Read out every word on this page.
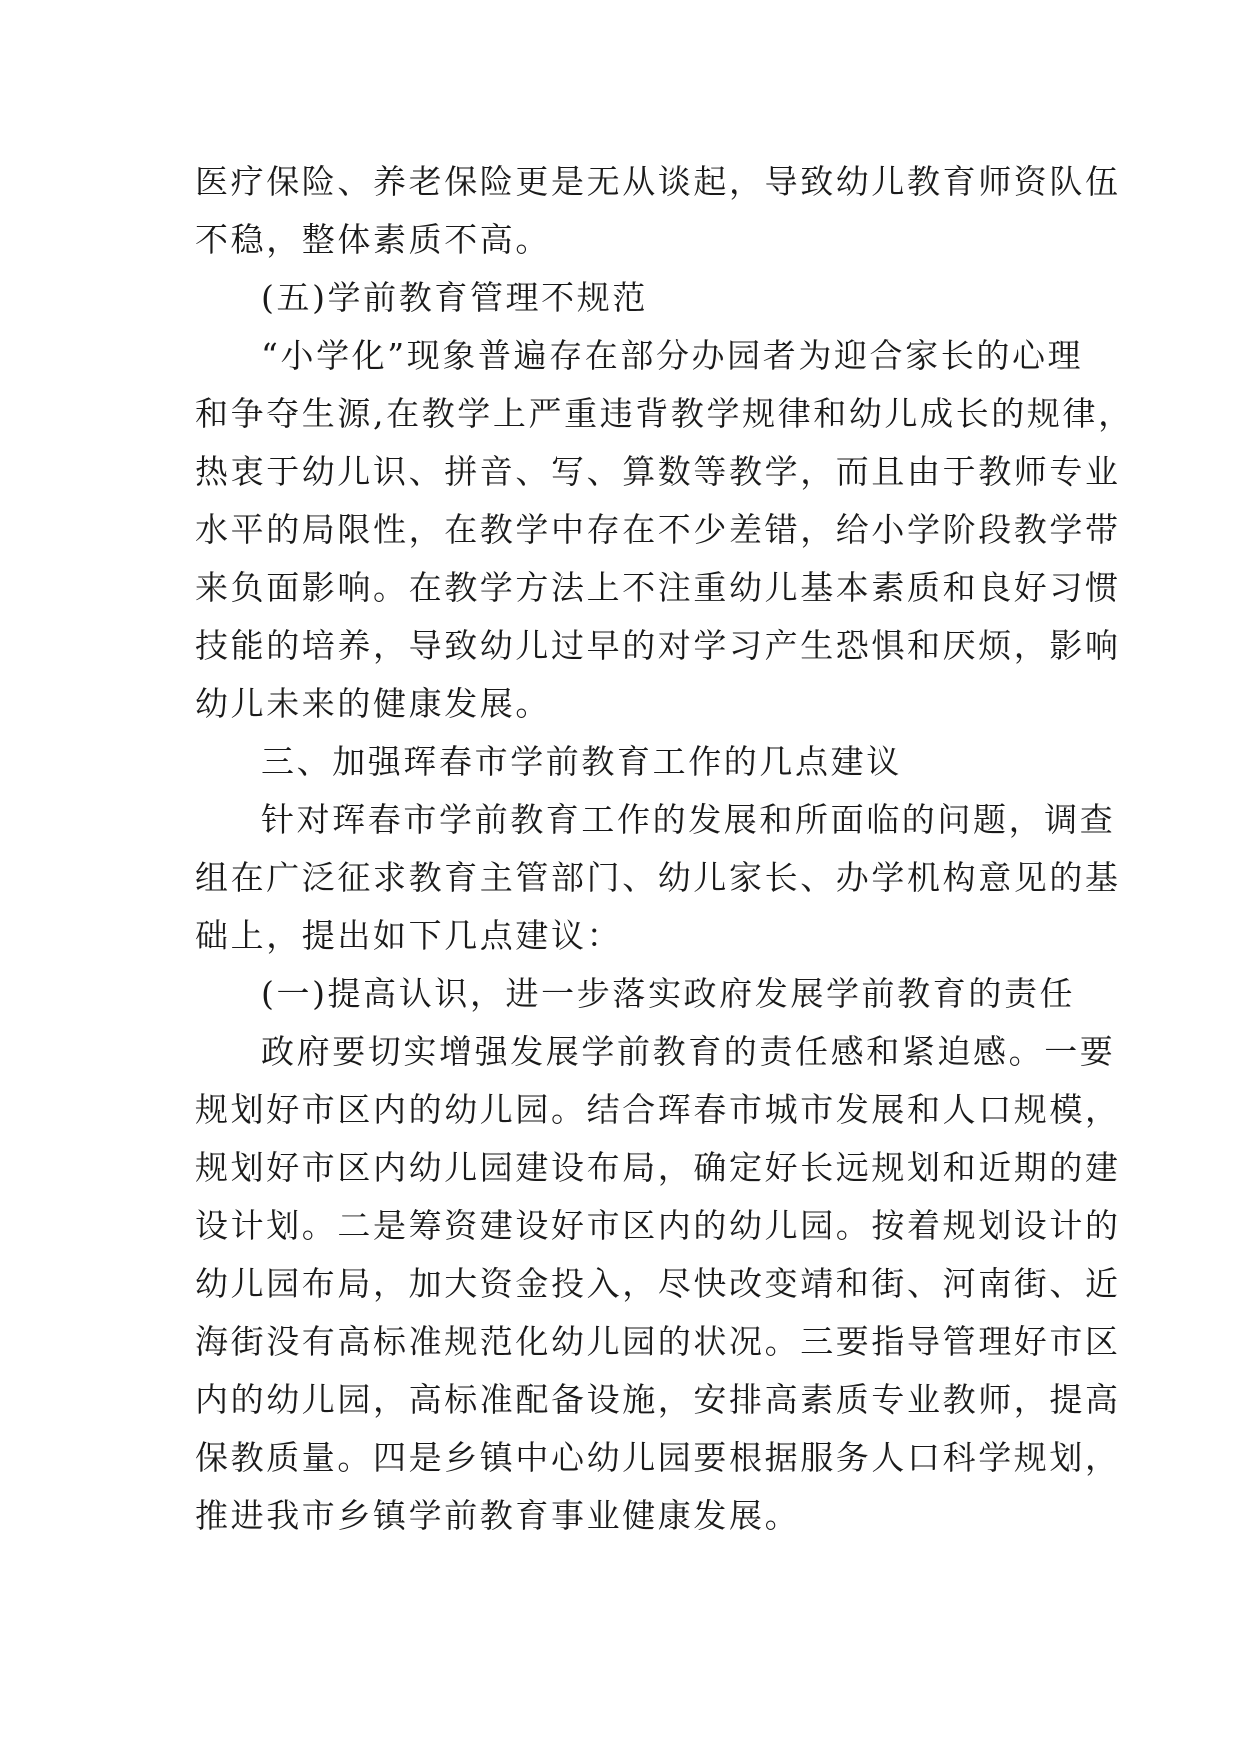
医疗保险、养老保险更是无从谈起，导致幼儿教育师资队伍

不稳，整体素质不高。

(五)学前教育管理不规范

“小学化”现象普遍存在部分办园者为迎合家长的心理

和争夺生源,在教学上严重违背教学规律和幼儿成长的规律，

热衷于幼儿识、拼音、写、算数等教学，而且由于教师专业

水平的局限性，在教学中存在不少差错，给小学阶段教学带

来负面影响。在教学方法上不注重幼儿基本素质和良好习惯

技能的培养，导致幼儿过早的对学习产生恐惧和厌烦，影响

幼儿未来的健康发展。

三、加强珲春市学前教育工作的几点建议

针对珲春市学前教育工作的发展和所面临的问题，调查

组在广泛征求教育主管部门、幼儿家长、办学机构意见的基

础上，提出如下几点建议：

(一)提高认识，进一步落实政府发展学前教育的责任

政府要切实增强发展学前教育的责任感和紧迫感。一要

规划好市区内的幼儿园。结合珲春市城市发展和人口规模，

规划好市区内幼儿园建设布局，确定好长远规划和近期的建

设计划。二是筹资建设好市区内的幼儿园。按着规划设计的

幼儿园布局，加大资金投入，尽快改变靖和街、河南街、近

海街没有高标准规范化幼儿园的状况。三要指导管理好市区

内的幼儿园，高标准配备设施，安排高素质专业教师，提高

保教质量。四是乡镇中心幼儿园要根据服务人口科学规划，

推进我市乡镇学前教育事业健康发展。
